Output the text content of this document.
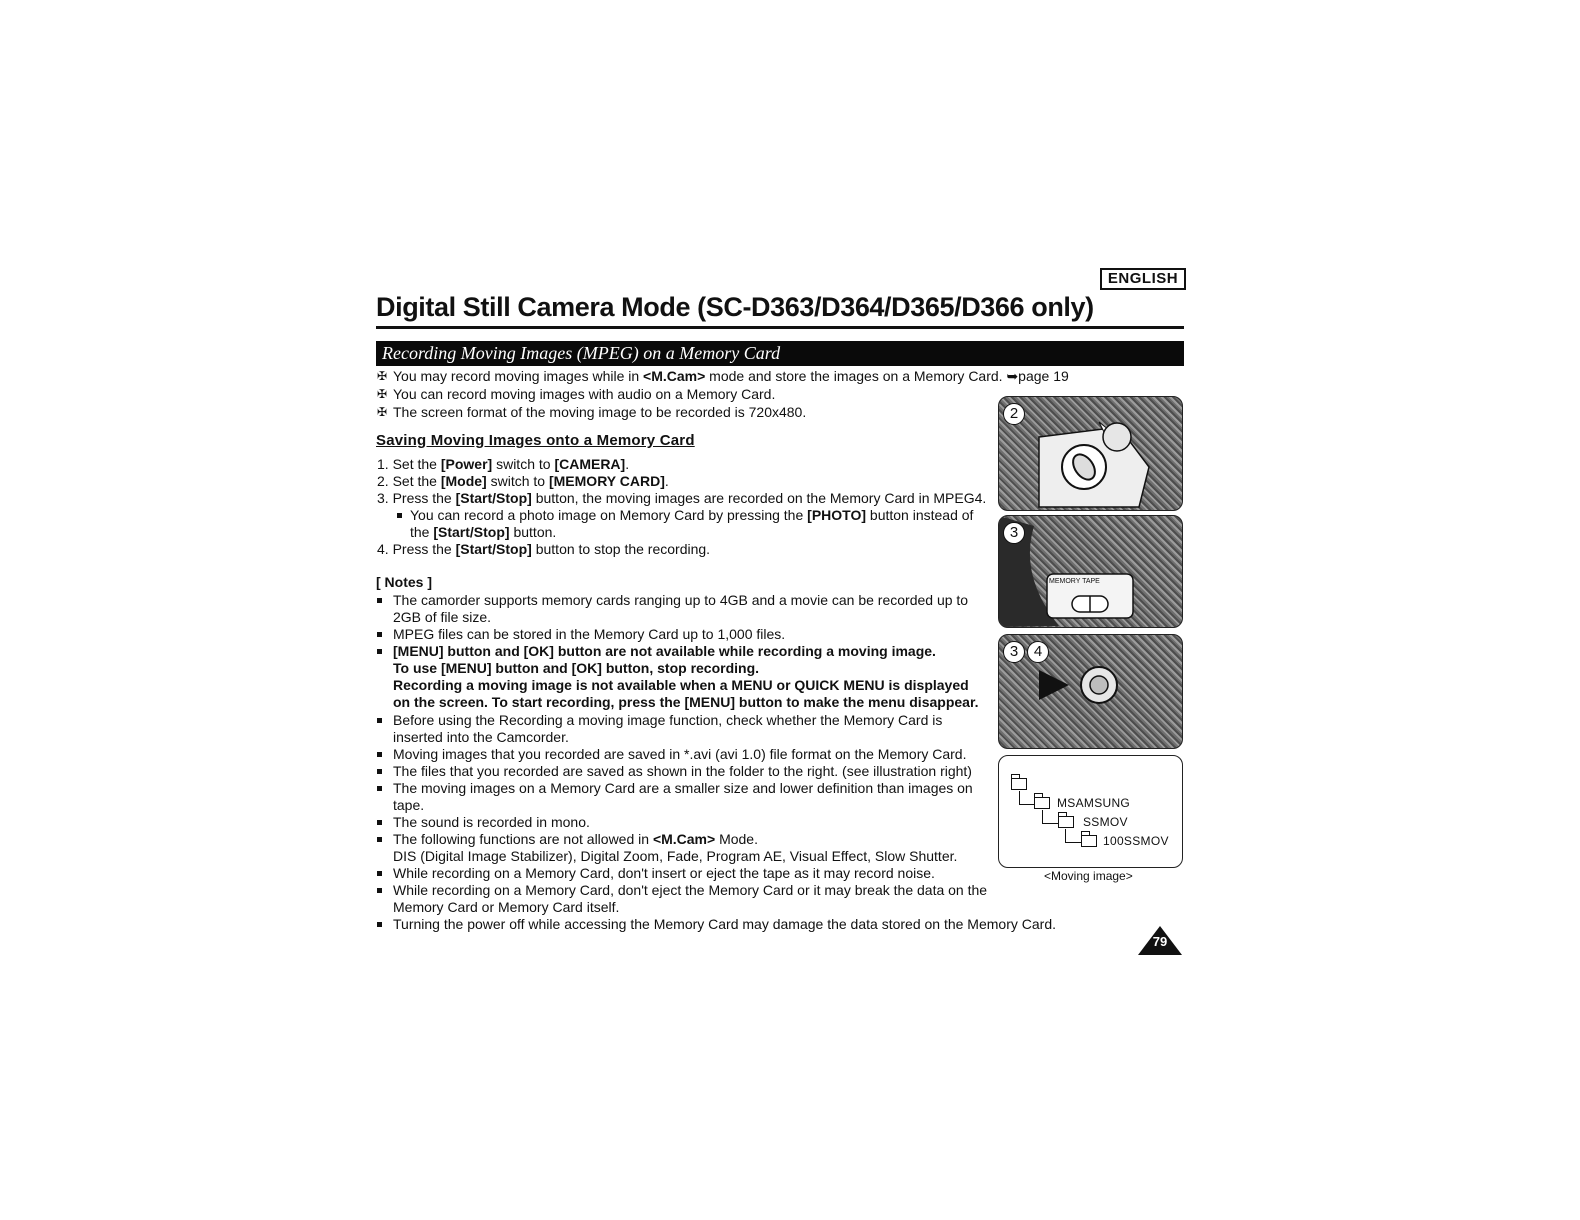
ENGLISH
Digital Still Camera Mode (SC-D363/D364/D365/D366 only)
Recording Moving Images (MPEG) on a Memory Card
✠ You may record moving images while in <M.Cam> mode and store the images on a Memory Card. ➥page 19
✠ You can record moving images with audio on a Memory Card.
✠ The screen format of the moving image to be recorded is 720x480.
Saving Moving Images onto a Memory Card
1. Set the [Power] switch to [CAMERA].
2. Set the [Mode] switch to [MEMORY CARD].
3. Press the [Start/Stop] button, the moving images are recorded on the Memory Card in MPEG4.
You can record a photo image on Memory Card by pressing the [PHOTO] button instead of
the [Start/Stop] button.
4. Press the [Start/Stop] button to stop the recording.
[ Notes ]
The camorder supports memory cards ranging up to 4GB and a movie can be recorded up to
2GB of file size.
MPEG files can be stored in the Memory Card up to 1,000 files.
[MENU] button and [OK] button are not available while recording a moving image.
To use [MENU] button and [OK] button, stop recording.
Recording a moving image is not available when a MENU or QUICK MENU is displayed
on the screen. To start recording, press the [MENU] button to make the menu disappear.
Before using the Recording a moving image function, check whether the Memory Card is
inserted into the Camcorder.
Moving images that you recorded are saved in *.avi (avi 1.0) file format on the Memory Card.
The files that you recorded are saved as shown in the folder to the right. (see illustration right)
The moving images on a Memory Card are a smaller size and lower definition than images on
tape.
The sound is recorded in mono.
The following functions are not allowed in <M.Cam> Mode.
DIS (Digital Image Stabilizer), Digital Zoom, Fade, Program AE, Visual Effect, Slow Shutter.
While recording on a Memory Card, don't insert or eject the tape as it may record noise.
While recording on a Memory Card, don't eject the Memory Card or it may break the data on the
Memory Card or Memory Card itself.
Turning the power off while accessing the Memory Card may damage the data stored on the Memory Card.
2
MEMORY TAPE
3
3	4
MSAMSUNG
SSMOV
100SSMOV
<Moving image>
79
